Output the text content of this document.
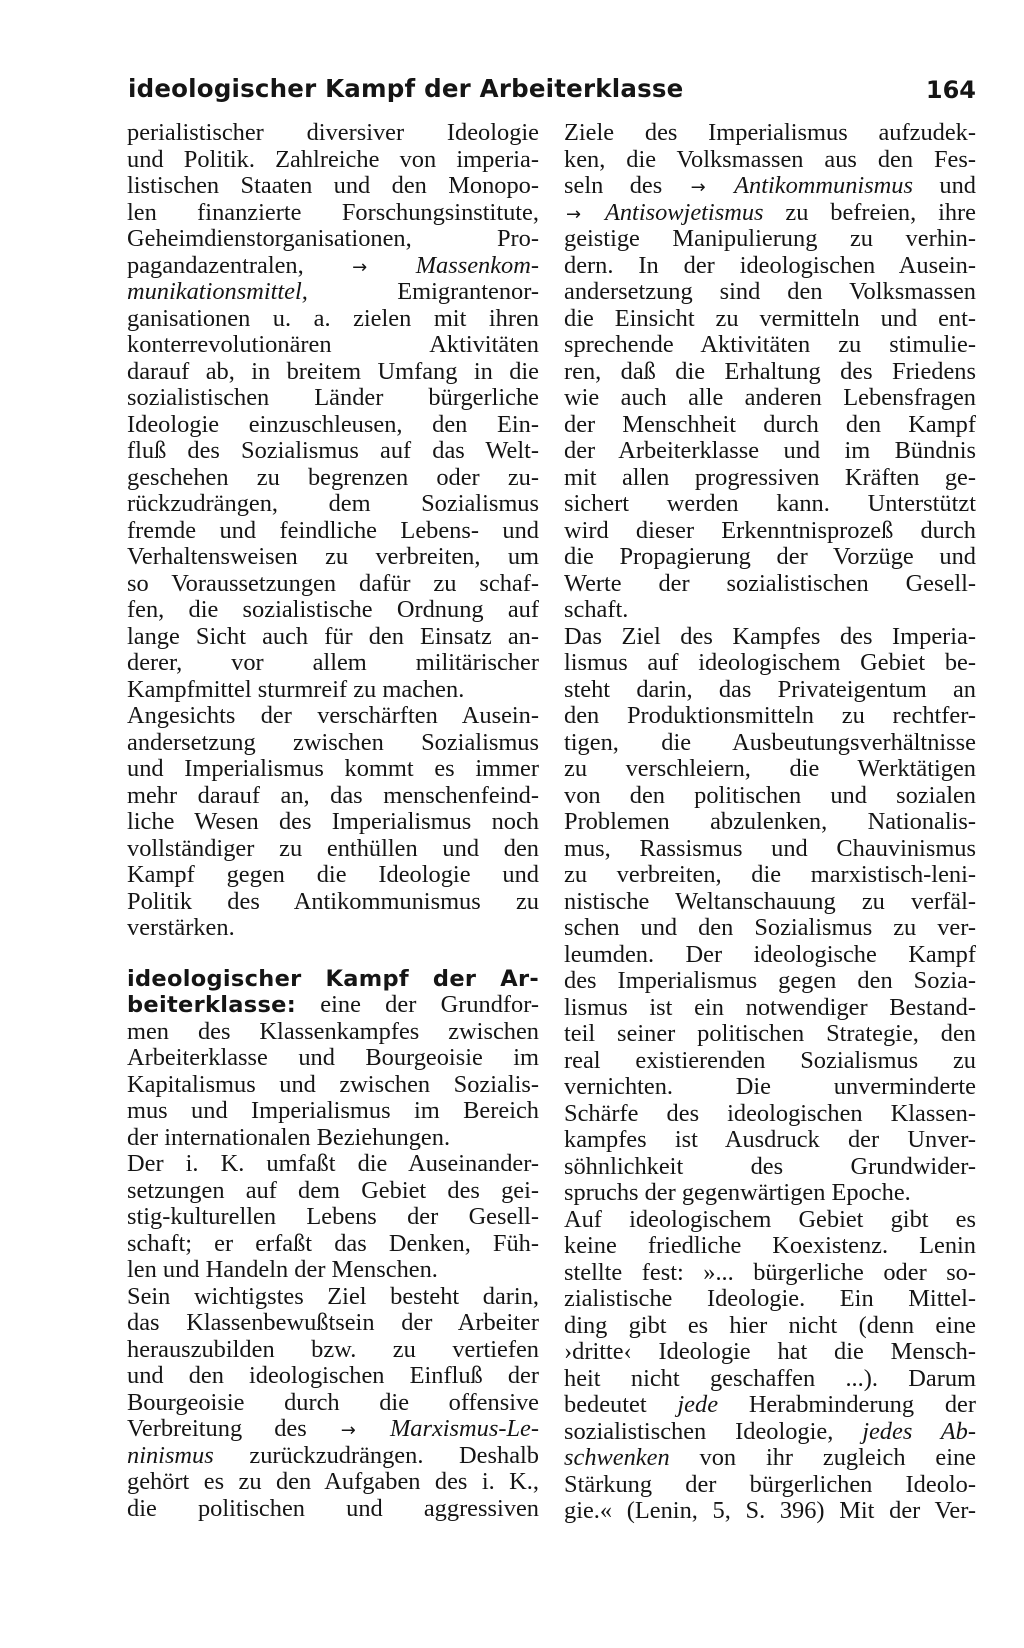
ideologischer Kampf der Arbeiterklasse	164
perialistischer diversiver Ideologie
und Politik. Zahlreiche von imperia-
listischen Staaten und den Monopo-
len finanzierte Forschungsinstitute,
Geheimdienstorganisationen, Pro-
pagandazentralen,	→ Massenkom-
munikationsmittel,	Emigrantenor-
ganisationen u. a. zielen mit ihren
konterrevolutionären Aktivitäten
darauf ab, in breitem Umfang in die
sozialistischen Länder bürgerliche
Ideologie einzuschleusen, den Ein-
fluß des Sozialismus auf das Welt-
geschehen zu begrenzen oder zu-
rückzudrängen, dem Sozialismus
fremde und feindliche Lebens- und
Verhaltensweisen zu verbreiten, um
so Voraussetzungen dafür zu schaf-
fen, die sozialistische Ordnung auf
lange Sicht auch für den Einsatz an-
derer, vor allem militärischer
Kampfmittel sturmreif zu machen.
Angesichts der verschärften Ausein-
andersetzung zwischen Sozialismus
und Imperialismus kommt es immer
mehr darauf an, das menschenfeind-
liche Wesen des Imperialismus noch
vollständiger zu enthüllen und den
Kampf gegen die Ideologie und
Politik des Antikommunismus zu
verstärken.
ideologischer Kampf der Ar-
beiterklasse: eine der Grundfor-
men des Klassenkampfes zwischen
Arbeiterklasse und Bourgeoisie im
Kapitalismus und zwischen Sozialis-
mus und Imperialismus im Bereich
der internationalen Beziehungen.
Der i. K. umfaßt die Auseinander-
setzungen auf dem Gebiet des gei-
stig-kulturellen Lebens der Gesell-
schaft; er erfaßt das Denken, Füh-
len und Handeln der Menschen.
Sein wichtigstes Ziel besteht darin,
das Klassenbewußtsein der Arbeiter
herauszubilden bzw. zu vertiefen
und den ideologischen Einfluß der
Bourgeoisie durch die offensive
Verbreitung des → Marxismus-Le-
ninismus zurückzudrängen. Deshalb
gehört es zu den Aufgaben des i. K.,
die politischen und aggressiven
Ziele des Imperialismus aufzudek-
ken, die Volksmassen aus den Fes-
seln des → Antikommunismus und
→ Antisowjetismus zu befreien, ihre
geistige Manipulierung zu verhin-
dern. In der ideologischen Ausein-
andersetzung sind den Volksmassen
die Einsicht zu vermitteln und ent-
sprechende Aktivitäten zu stimulie-
ren, daß die Erhaltung des Friedens
wie auch alle anderen Lebensfragen
der Menschheit durch den Kampf
der Arbeiterklasse und im Bündnis
mit allen progressiven Kräften ge-
sichert werden kann. Unterstützt
wird dieser Erkenntnisprozeß durch
die Propagierung der Vorzüge und
Werte der sozialistischen Gesell-
schaft.
Das Ziel des Kampfes des Imperia-
lismus auf ideologischem Gebiet be-
steht darin, das Privateigentum an
den Produktionsmitteln zu rechtfer-
tigen, die Ausbeutungsverhältnisse
zu verschleiern, die Werktätigen
von den politischen und sozialen
Problemen abzulenken, Nationalis-
mus, Rassismus und Chauvinismus
zu verbreiten, die marxistisch-leni-
nistische Weltanschauung zu verfäl-
schen und den Sozialismus zu ver-
leumden. Der ideologische Kampf
des Imperialismus gegen den Sozia-
lismus ist ein notwendiger Bestand-
teil seiner politischen Strategie, den
real existierenden Sozialismus zu
vernichten. Die unverminderte
Schärfe des ideologischen Klassen-
kampfes ist Ausdruck der Unver-
söhnlichkeit des Grundwider-
spruchs der gegenwärtigen Epoche.
Auf ideologischem Gebiet gibt es
keine friedliche Koexistenz. Lenin
stellte fest: »... bürgerliche oder so-
zialistische Ideologie. Ein Mittel-
ding gibt es hier nicht (denn eine
›dritte‹ Ideologie hat die Mensch-
heit nicht geschaffen ...). Darum
bedeutet jede Herabminderung der
sozialistischen Ideologie, jedes Ab-
schwenken von ihr zugleich eine
Stärkung der bürgerlichen Ideolo-
gie.« (Lenin, 5, S. 396) Mit der Ver-
